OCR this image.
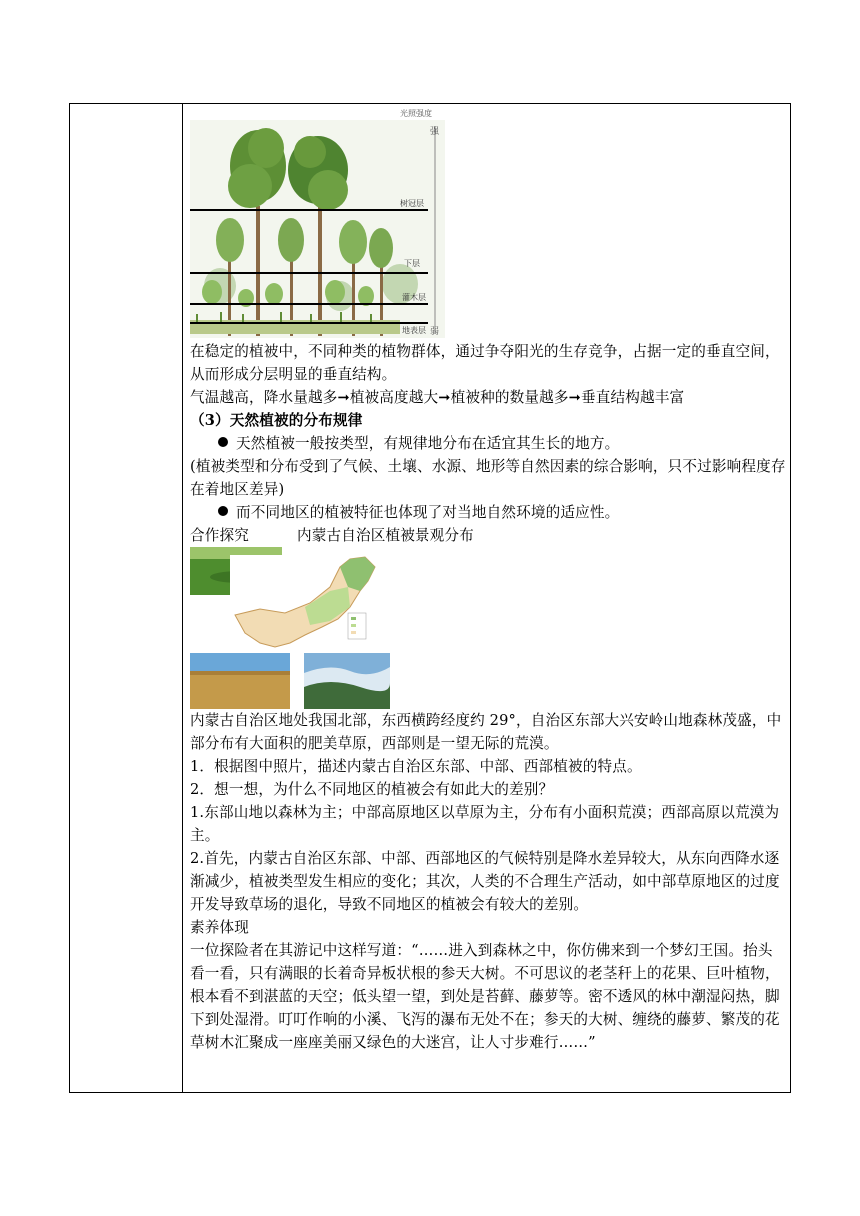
光照强度
强
弱
树冠层
下层
灌木层
地表层

在稳定的植被中，不同种类的植物群体，通过争夺阳光的生存竞争，占据一定的垂直空间，从而形成分层明显的垂直结构。

气温越高，降水量越多➞植被高度越大➞植被种的数量越多➞垂直结构越丰富

（3）天然植被的分布规律

天然植被一般按类型，有规律地分布在适宜其生长的地方。

(植被类型和分布受到了气候、土壤、水源、地形等自然因素的综合影响，只不过影响程度存在着地区差异)

而不同地区的植被特征也体现了对当地自然环境的适应性。

合作探究	内蒙古自治区植被景观分布

内蒙古自治区地处我国北部，东西横跨经度约 29°，自治区东部大兴安岭山地森林茂盛，中部分布有大面积的肥美草原，西部则是一望无际的荒漠。

1．根据图中照片，描述内蒙古自治区东部、中部、西部植被的特点。

2．想一想，为什么不同地区的植被会有如此大的差别？

1.东部山地以森林为主；中部高原地区以草原为主，分布有小面积荒漠；西部高原以荒漠为主。

2.首先，内蒙古自治区东部、中部、西部地区的气候特别是降水差异较大，从东向西降水逐渐减少，植被类型发生相应的变化；其次，人类的不合理生产活动，如中部草原地区的过度开发导致草场的退化，导致不同地区的植被会有较大的差别。

素养体现

一位探险者在其游记中这样写道：“……进入到森林之中，你仿佛来到一个梦幻王国。抬头看一看，只有满眼的长着奇异板状根的参天大树。不可思议的老茎秆上的花果、巨叶植物，根本看不到湛蓝的天空；低头望一望，到处是苔藓、藤萝等。密不透风的林中潮湿闷热，脚下到处湿滑。叮叮作响的小溪、飞泻的瀑布无处不在；参天的大树、缠绕的藤萝、繁茂的花草树木汇聚成一座座美丽又绿色的大迷宫，让人寸步难行……”
